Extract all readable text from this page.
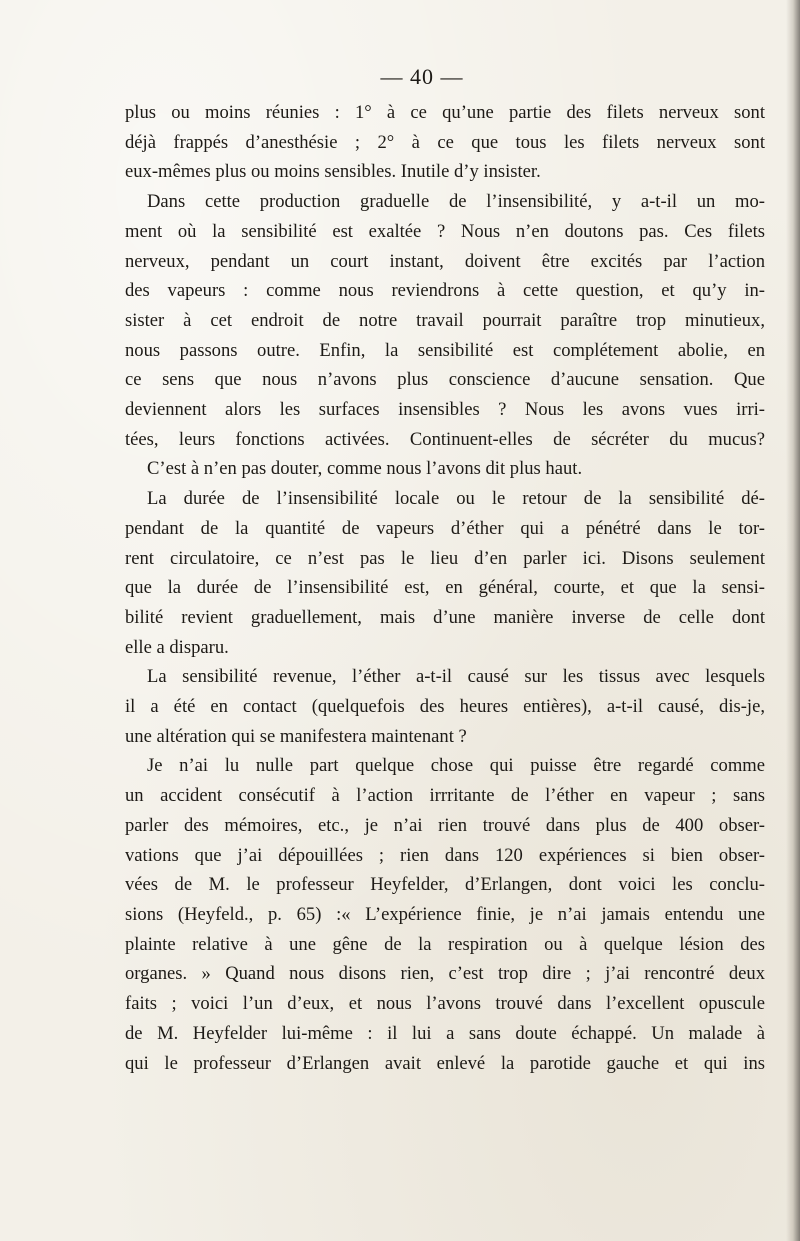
— 40 —
plus ou moins réunies : 1° à ce qu’une partie des filets nerveux sont
déjà frappés d’anesthésie ; 2° à ce que tous les filets nerveux sont
eux-mêmes plus ou moins sensibles. Inutile d’y insister.
Dans cette production graduelle de l’insensibilité, y a-t-il un mo-
ment où la sensibilité est exaltée ? Nous n’en doutons pas. Ces filets
nerveux, pendant un court instant, doivent être excités par l’action
des vapeurs : comme nous reviendrons à cette question, et qu’y in-
sister à cet endroit de notre travail pourrait paraître trop minutieux,
nous passons outre. Enfin, la sensibilité est complétement abolie, en
ce sens que nous n’avons plus conscience d’aucune sensation. Que
deviennent alors les surfaces insensibles ? Nous les avons vues irri-
tées, leurs fonctions activées. Continuent-elles de sécréter du mucus?
C’est à n’en pas douter, comme nous l’avons dit plus haut.
La durée de l’insensibilité locale ou le retour de la sensibilité dé-
pendant de la quantité de vapeurs d’éther qui a pénétré dans le tor-
rent circulatoire, ce n’est pas le lieu d’en parler ici. Disons seulement
que la durée de l’insensibilité est, en général, courte, et que la sensi-
bilité revient graduellement, mais d’une manière inverse de celle dont
elle a disparu.
La sensibilité revenue, l’éther a-t-il causé sur les tissus avec lesquels
il a été en contact (quelquefois des heures entières), a-t-il causé, dis-je,
une altération qui se manifestera maintenant ?
Je n’ai lu nulle part quelque chose qui puisse être regardé comme
un accident consécutif à l’action irrritante de l’éther en vapeur ; sans
parler des mémoires, etc., je n’ai rien trouvé dans plus de 400 obser-
vations que j’ai dépouillées ; rien dans 120 expériences si bien obser-
vées de M. le professeur Heyfelder, d’Erlangen, dont voici les conclu-
sions (Heyfeld., p. 65) :« L’expérience finie, je n’ai jamais entendu une
plainte relative à une gêne de la respiration ou à quelque lésion des
organes. » Quand nous disons rien, c’est trop dire ; j’ai rencontré deux
faits ; voici l’un d’eux, et nous l’avons trouvé dans l’excellent opuscule
de M. Heyfelder lui-même : il lui a sans doute échappé. Un malade à
qui le professeur d’Erlangen avait enlevé la parotide gauche et qui ins
